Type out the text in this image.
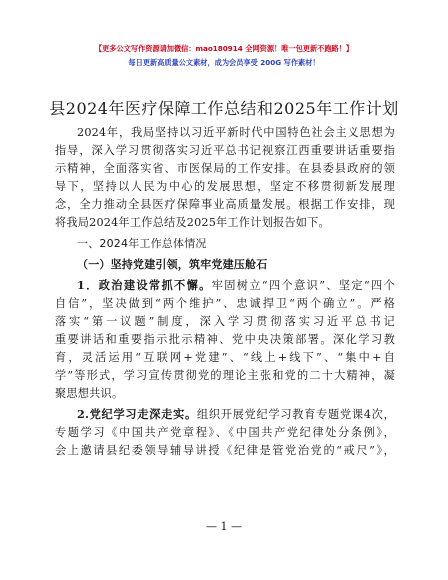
【更多公文写作资源请加微信：mao180914 全网资源！唯一包更新不跑路！】
每日更新高质量公文素材，成为会员享受 200G 写作素材！
县2024年医疗保障工作总结和2025年工作计划
2024年，我局坚持以习近平新时代中国特色社会主义思想为
指导，深入学习贯彻落实习近平总书记视察江西重要讲话重要指
示精神，全面落实省、市医保局的工作安排。在县委县政府的领
导下，坚持以人民为中心的发展思想，坚定不移贯彻新发展理
念，全力推动全县医疗保障事业高质量发展。根据工作安排，现
将我局2024年工作总结及2025年工作计划报告如下。
一、2024年工作总体情况
（一）坚持党建引领，筑牢党建压舱石
1．政治建设常抓不懈。牢固树立“四个意识”、坚定“四个
自信”，坚决做到“两个维护”、忠诚捍卫“两个确立”。严格
落实“第一议题”制度，深入学习贯彻落实习近平总书记
重要讲话和重要指示批示精神、党中央决策部署。深化学习教
育，灵活运用“互联网+党建”、“线上+线下”、“集中+自
学”等形式，学习宣传贯彻党的理论主张和党的二十大精神，凝
聚思想共识。
2.党纪学习走深走实。组织开展党纪学习教育专题党课4次，
专题学习《中国共产党章程》、《中国共产党纪律处分条例》，
会上邀请县纪委领导辅导讲授《纪律是管党治党的“戒尺”》，
— 1 —
